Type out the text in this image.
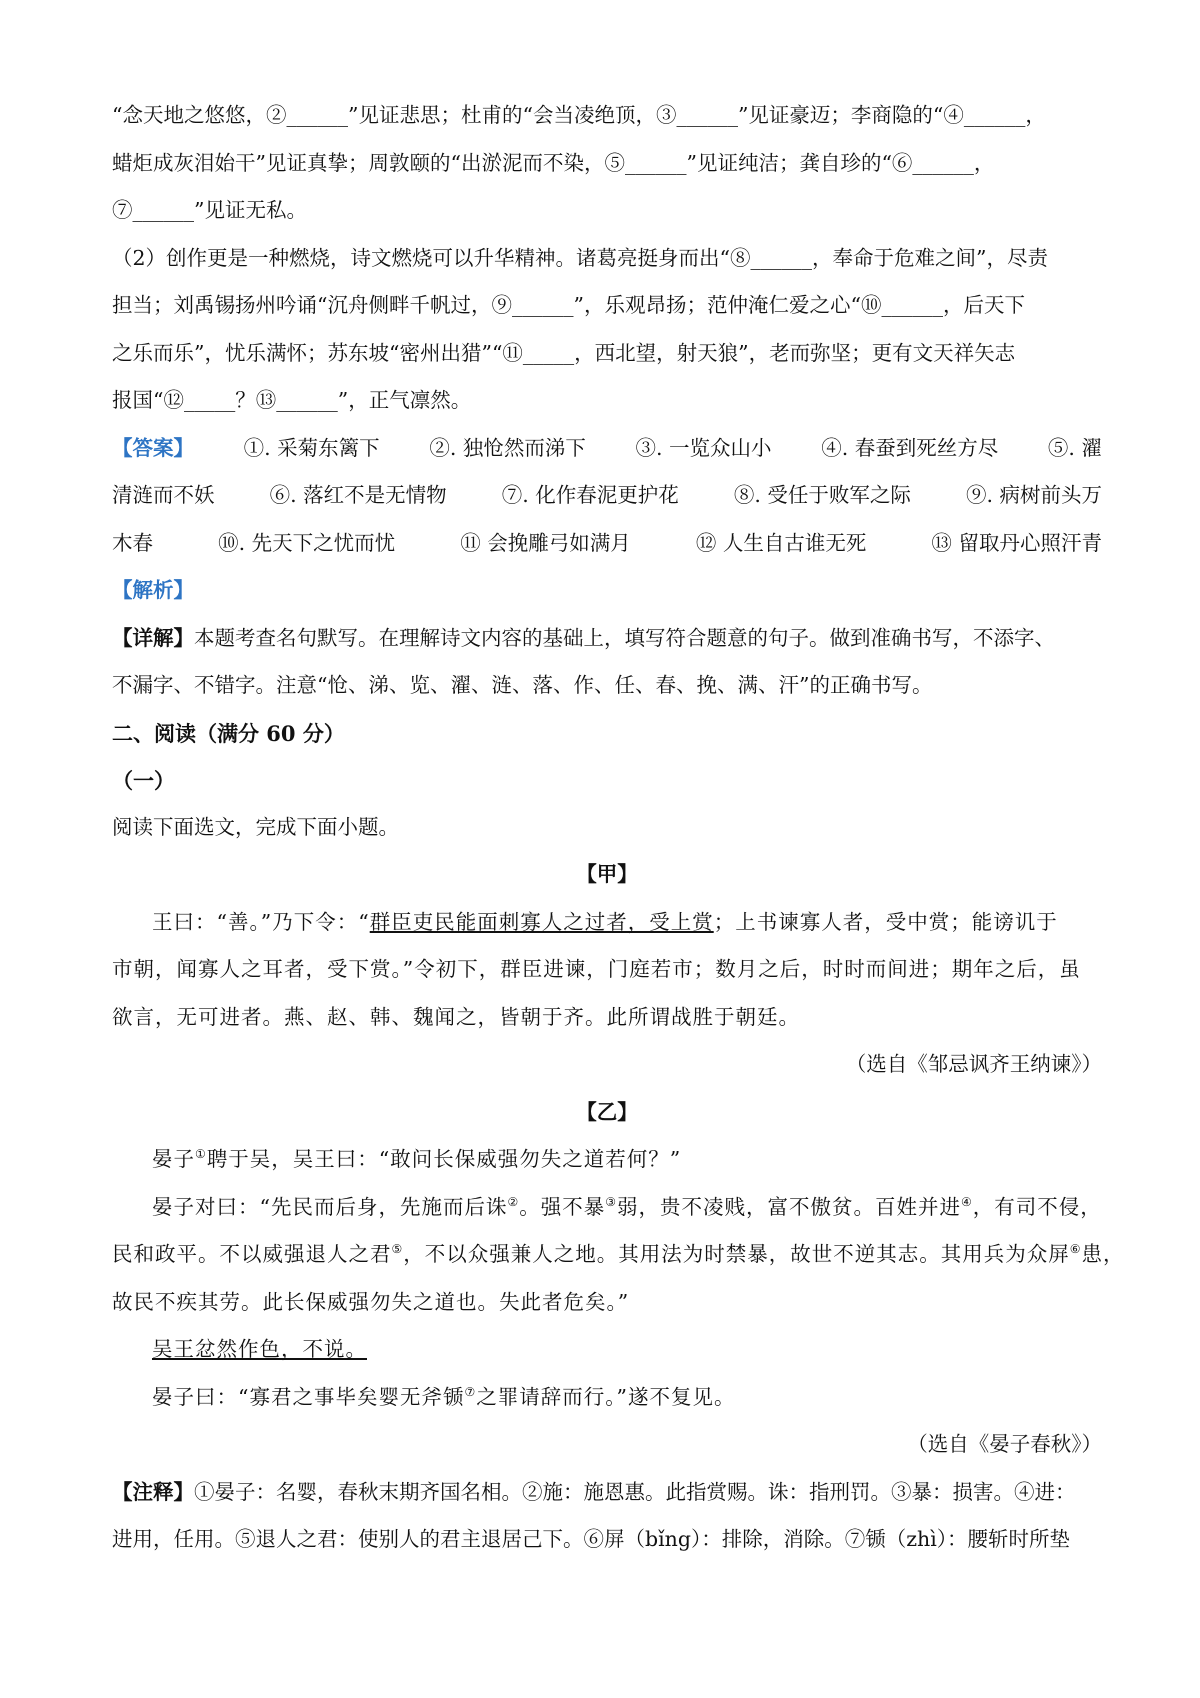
“念天地之悠悠，②______”见证悲思；杜甫的“会当凌绝顶，③______”见证豪迈；李商隐的“④______，

蜡炬成灰泪始干”见证真挚；周敦颐的“出淤泥而不染，⑤______”见证纯洁；龚自珍的“⑥______，

⑦______”见证无私。

（2）创作更是一种燃烧，诗文燃烧可以升华精神。诸葛亮挺身而出“⑧______，奉命于危难之间”，尽责

担当；刘禹锡扬州吟诵“沉舟侧畔千帆过，⑨______”，乐观昂扬；范仲淹仁爱之心“⑩______，后天下

之乐而乐”，忧乐满怀；苏东坡“密州出猎”“⑪_____，西北望，射天狼”，老而弥坚；更有文天祥矢志

报国“⑫_____？⑬______”，正气凛然。

【答案】 ①. 采菊东篱下 ②. 独怆然而涕下 ③. 一览众山小 ④. 春蚕到死丝方尽 ⑤. 濯
清涟而不妖	⑥. 落红不是无情物	⑦. 化作春泥更护花	⑧. 受任于败军之际	⑨. 病树前头万
木春	⑩. 先天下之忧而忧	⑪ 会挽雕弓如满月	⑫ 人生自古谁无死	⑬ 留取丹心照汗青

【解析】

【详解】本题考查名句默写。在理解诗文内容的基础上，填写符合题意的句子。做到准确书写，不添字、

不漏字、不错字。注意“怆、涕、览、濯、涟、落、作、任、春、挽、满、汗”的正确书写。

二、阅读（满分 60 分）

（一）

阅读下面选文，完成下面小题。

【甲】

王曰：“善。”乃下令：“群臣吏民能面刺寡人之过者，受上赏；上书谏寡人者，受中赏；能谤讥于

市朝，闻寡人之耳者，受下赏。”令初下，群臣进谏，门庭若市；数月之后，时时而间进；期年之后，虽

欲言，无可进者。燕、赵、韩、魏闻之，皆朝于齐。此所谓战胜于朝廷。

（选自《邹忌讽齐王纳谏》）

【乙】

晏子①聘于吴，吴王曰：“敢问长保威强勿失之道若何？”

晏子对曰：“先民而后身，先施而后诛②。强不暴③弱，贵不凌贱，富不傲贫。百姓并进④，有司不侵，

民和政平。不以威强退人之君⑤，不以众强兼人之地。其用法为时禁暴，故世不逆其志。其用兵为众屏⑥患，

故民不疾其劳。此长保威强勿失之道也。失此者危矣。”

吴王忿然作色，不说。

晏子曰：“寡君之事毕矣婴无斧锧⑦之罪请辞而行。”遂不复见。

（选自《晏子春秋》）

【注释】①晏子：名婴，春秋末期齐国名相。②施：施恩惠。此指赏赐。诛：指刑罚。③暴：损害。④进：

进用，任用。⑤退人之君：使别人的君主退居己下。⑥屏（bǐng）：排除，消除。⑦锧（zhì）：腰斩时所垫
